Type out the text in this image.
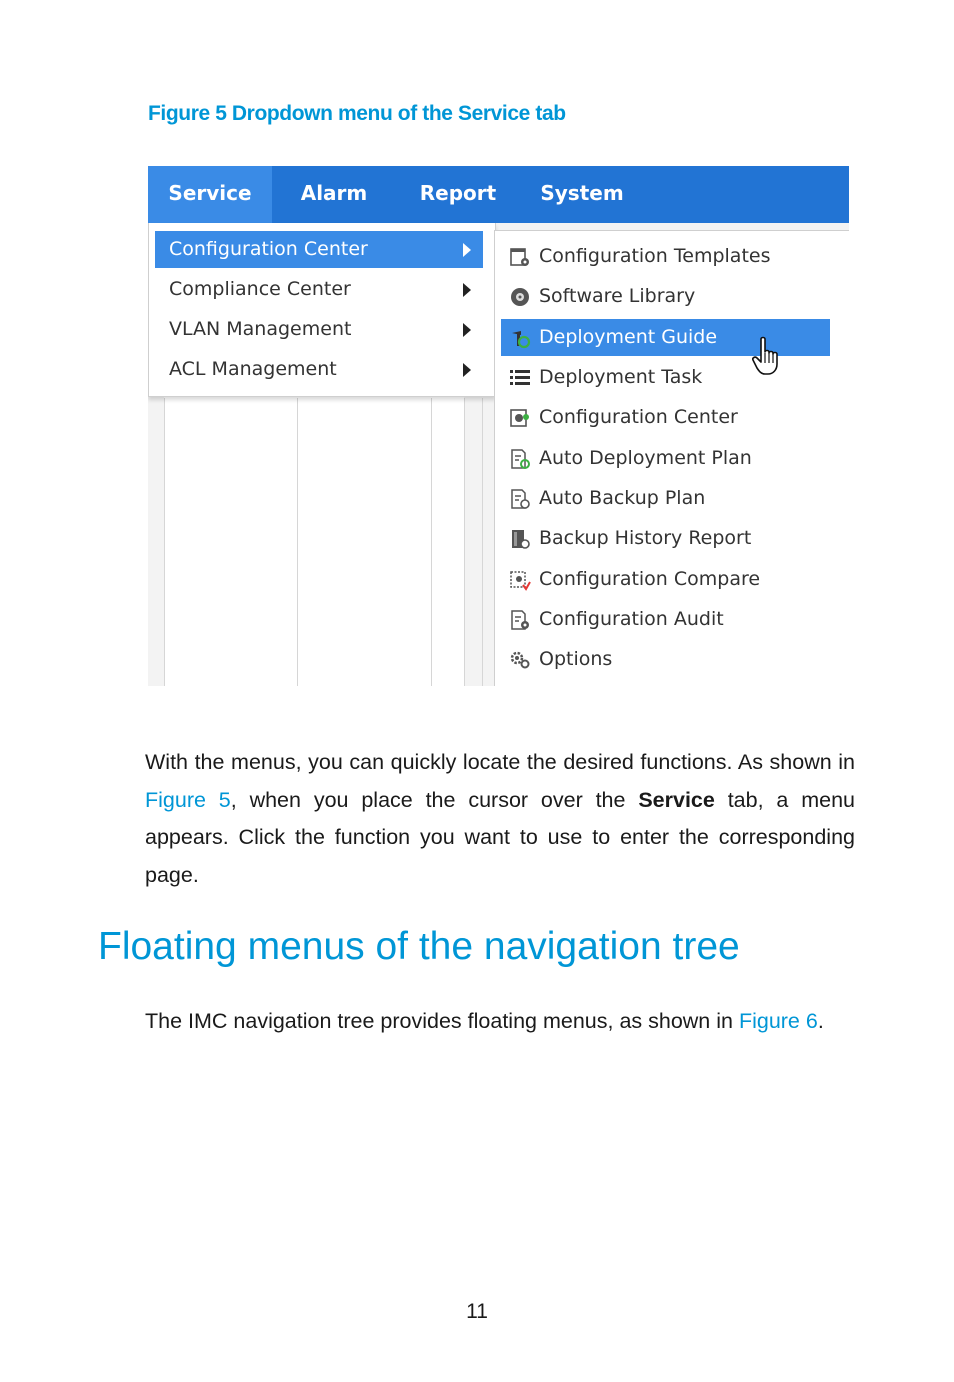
Figure 5 Dropdown menu of the Service tab
Service	Alarm	Report	System
Configuration Center
Compliance Center
VLAN Management
ACL Management
Configuration Templates
Software Library
Deployment Guide
Deployment Task
Configuration Center
Auto Deployment Plan
Auto Backup Plan
Backup History Report
Configuration Compare
Configuration Audit
Options
With the menus, you can quickly locate the desired functions. As shown in Figure 5, when you place the cursor over the Service tab, a menu appears. Click the function you want to use to enter the corresponding page.
Floating menus of the navigation tree
The IMC navigation tree provides floating menus, as shown in Figure 6.
11
